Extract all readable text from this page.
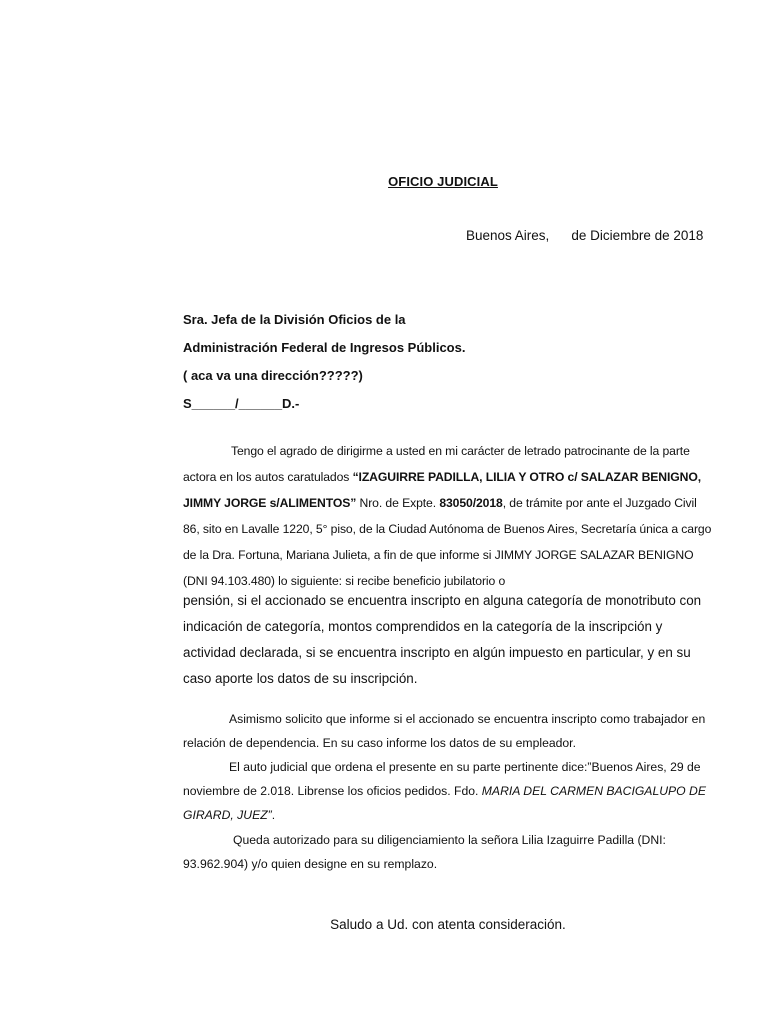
OFICIO JUDICIAL
Buenos Aires, de Diciembre de 2018
Sra. Jefa de la División Oficios de la
Administración Federal de Ingresos Públicos.
( aca va una dirección?????)
S______/______D.-
Tengo el agrado de dirigirme a usted en mi carácter de letrado patrocinante de la parte actora en los autos caratulados “IZAGUIRRE PADILLA, LILIA Y OTRO c/ SALAZAR BENIGNO, JIMMY JORGE s/ALIMENTOS” Nro. de Expte. 83050/2018, de trámite por ante el Juzgado Civil 86, sito en Lavalle 1220, 5° piso, de la Ciudad Autónoma de Buenos Aires, Secretaría única a cargo de la Dra. Fortuna, Mariana Julieta, a fin de que informe si JIMMY JORGE SALAZAR BENIGNO (DNI 94.103.480) lo siguiente: si recibe beneficio jubilatorio o
pensión, si el accionado se encuentra inscripto en alguna categoría de monotributo con indicación de categoría, montos comprendidos en la categoría de la inscripción y actividad declarada, si se encuentra inscripto en algún impuesto en particular, y en su caso aporte los datos de su inscripción.
Asimismo solicito que informe si el accionado se encuentra inscripto como trabajador en relación de dependencia. En su caso informe los datos de su empleador.
El auto judicial que ordena el presente en su parte pertinente dice:”Buenos Aires, 29 de noviembre de 2.018. Librense los oficios pedidos. Fdo. MARIA DEL CARMEN BACIGALUPO DE GIRARD, JUEZ”.
Queda autorizado para su diligenciamiento la señora Lilia Izaguirre Padilla (DNI: 93.962.904) y/o quien designe en su remplazo.
Saludo a Ud. con atenta consideración.
